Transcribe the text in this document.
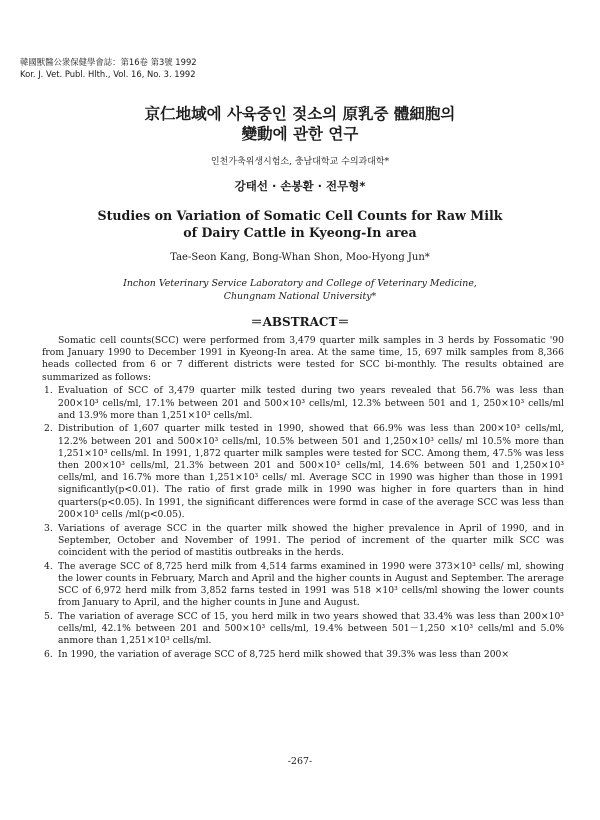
韓國獸醫公衆保健學會誌：第16卷 第3號 1992
Kor. J. Vet. Publ. Hlth., Vol. 16, No. 3. 1992
京仁地域에 사육중인 젖소의 原乳중 體細胞의
變動에 관한 연구
인천가축위생시험소, 충남대학교 수의과대학*
강태선 · 손봉환 · 전무형*
Studies on Variation of Somatic Cell Counts for Raw Milk
of Dairy Cattle in Kyeong-In area
Tae-Seon Kang, Bong-Whan Shon, Moo-Hyong Jun*
Inchon Veterinary Service Laboratory and College of Veterinary Medicine,
Chungnam National University*
＝ABSTRACT＝

Somatic cell counts(SCC) were performed from 3,479 quarter milk samples in 3 herds by Fossomatic '90 from January 1990 to December 1991 in Kyeong-In area. At the same time, 15, 697 milk samples from 8,366 heads collected from 6 or 7 different districts were tested for SCC bi-monthly. The results obtained are summarized as follows:

1. Evaluation of SCC of 3,479 quarter milk tested during two years revealed that 56.7% was less than 200×10³ cells/ml, 17.1% between 201 and 500×10³ cells/ml, 12.3% between 501 and 1, 250×10³ cells/ml and 13.9% more than 1,251×10³ cells/ml.
2. Distribution of 1,607 quarter milk tested in 1990, showed that 66.9% was less than 200×10³ cells/ml, 12.2% between 201 and 500×10³ cells/ml, 10.5% between 501 and 1,250×10³ cells/ ml 10.5% more than 1,251×10³ cells/ml. In 1991, 1,872 quarter milk samples were tested for SCC. Among them, 47.5% was less then 200×10³ cells/ml, 21.3% between 201 and 500×10³ cells/ml, 14.6% between 501 and 1,250×10³ cells/ml, and 16.7% more than 1,251×10³ cells/ ml. Average SCC in 1990 was higher than those in 1991 significantly(p<0.01). The ratio of first grade milk in 1990 was higher in fore quarters than in hind quarters(p<0.05). In 1991, the significant differences were formd in case of the average SCC was less than 200×10³ cells /ml(p<0.05).
3. Variations of average SCC in the quarter milk showed the higher prevalence in April of 1990, and in September, October and November of 1991. The period of increment of the quarter milk SCC was coincident with the period of mastitis outbreaks in the herds.
4. The average SCC of 8,725 herd milk from 4,514 farms examined in 1990 were 373×10³ cells/ ml, showing the lower counts in February, March and April and the higher counts in August and September. The arerage SCC of 6,972 herd milk from 3,852 farns tested in 1991 was 518 ×10³ cells/ml showing the lower counts from January to April, and the higher counts in June and August.
5. The variation of average SCC of 15, you herd milk in two years showed that 33.4% was less than 200×10³ cells/ml, 42.1% between 201 and 500×10³ cells/ml, 19.4% between 501－1,250 ×10³ cells/ml and 5.0% anmore than 1,251×10³ cells/ml.
6. In 1990, the variation of average SCC of 8,725 herd milk showed that 39.3% was less than 200×
-267-
